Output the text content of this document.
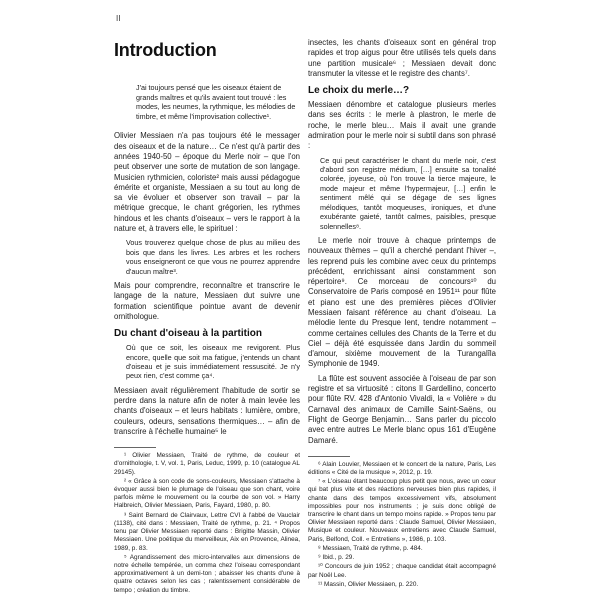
II
Introduction

J'ai toujours pensé que les oiseaux étaient de grands maîtres et qu'ils avaient tout trouvé : les modes, les neumes, la rythmique, les mélodies de timbre, et même l'improvisation collective¹.

Olivier Messiaen n'a pas toujours été le messager des oiseaux et de la nature… Ce n'est qu'à partir des années 1940-50 – époque du Merle noir – que l'on peut observer une sorte de mutation de son langage. Musicien rythmicien, coloriste² mais aussi pédagogue émérite et organiste, Messiaen a su tout au long de sa vie évoluer et observer son travail – par la métrique grecque, le chant grégorien, les rythmes hindous et les chants d'oiseaux – vers le rapport à la nature et, à travers elle, le spirituel :

Vous trouverez quelque chose de plus au milieu des bois que dans les livres. Les arbres et les rochers vous enseigneront ce que vous ne pourrez apprendre d'aucun maître³.

Mais pour comprendre, reconnaître et transcrire le langage de la nature, Messiaen dut suivre une formation scientifique pointue avant de devenir ornithologue.

Du chant d'oiseau à la partition

Où que ce soit, les oiseaux me revigorent. Plus encore, quelle que soit ma fatigue, j'entends un chant d'oiseau et je suis immédiatement ressuscité. Je n'y peux rien, c'est comme ça⁴.

Messiaen avait régulièrement l'habitude de sortir se perdre dans la nature afin de noter à main levée les chants d'oiseaux – et leurs habitats : lumière, ombre, couleurs, odeurs, sensations thermiques… – afin de transcrire à l'échelle humaine⁵ le

¹ Olivier Messiaen, Traité de rythme, de couleur et d'ornithologie, t. V, vol. 1, Paris, Leduc, 1999, p. 10 (catalogue AL 29145).

² « Grâce à son code de sons-couleurs, Messiaen s'attache à évoquer aussi bien le plumage de l'oiseau que son chant, voire parfois même le mouvement ou la courbe de son vol. » Harry Halbreich, Olivier Messiaen, Paris, Fayard, 1980, p. 80.

³ Saint Bernard de Clairvaux, Lettre CVI à l'abbé de Vauclair (1138), cité dans : Messiaen, Traité de rythme, p. 21. ⁴ Propos tenu par Olivier Messiaen reporté dans : Brigitte Massin, Olivier Messiaen. Une poétique du merveilleux, Aix en Provence, Alinea, 1989, p. 83.

⁵ Agrandissement des micro-intervalles aux dimensions de notre échelle tempérée, un comma chez l'oiseau correspondant approximativement à un demi-ton ; abaisser les chants d'une à quatre octaves selon les cas ; ralentissement considérable de tempo ; création du timbre.

insectes, les chants d'oiseaux sont en général trop rapides et trop aigus pour être utilisés tels quels dans une partition musicale⁶ ; Messiaen devait donc transmuter la vitesse et le registre des chants⁷.

Le choix du merle…?

Messiaen dénombre et catalogue plusieurs merles dans ses écrits : le merle à plastron, le merle de roche, le merle bleu… Mais il avait une grande admiration pour le merle noir si subtil dans son phrasé :

Ce qui peut caractériser le chant du merle noir, c'est d'abord son registre médium, […] ensuite sa tonalité colorée, joyeuse, où l'on trouve la tierce majeure, le mode majeur et même l'hypermajeur, […] enfin le sentiment mêlé qui se dégage de ses lignes mélodiques, tantôt moqueuses, ironiques, et d'une exubérante gaieté, tantôt calmes, paisibles, presque solennelles⁸.

Le merle noir trouve à chaque printemps de nouveaux thèmes – qu'il a cherché pendant l'hiver –, les reprend puis les combine avec ceux du printemps précédent, enrichissant ainsi constamment son répertoire⁹. Ce morceau de concours¹⁰ du Conservatoire de Paris composé en 1951¹¹ pour flûte et piano est une des premières pièces d'Olivier Messiaen faisant référence au chant d'oiseau. La mélodie lente du Presque lent, tendre notamment – comme certaines cellules des Chants de la Terre et du Ciel – déjà été esquissée dans Jardin du sommeil d'amour, sixième mouvement de la Turangalîla Symphonie de 1949.

La flûte est souvent associée à l'oiseau de par son registre et sa virtuosité : citons Il Gardellino, concerto pour flûte RV. 428 d'Antonio Vivaldi, la « Volière » du Carnaval des animaux de Camille Saint-Saëns, ou Flight de George Benjamin… Sans parler du piccolo avec entre autres Le Merle blanc opus 161 d'Eugène Damaré.

⁶ Alain Louvier, Messiaen et le concert de la nature, Paris, Les éditions « Cité de la musique », 2012, p. 19.

⁷ « L'oiseau étant beaucoup plus petit que nous, avec un cœur qui bat plus vite et des réactions nerveuses bien plus rapides, il chante dans des tempos excessivement vifs, absolument impossibles pour nos instruments ; je suis donc obligé de transcrire le chant dans un tempo moins rapide. » Propos tenu par Olivier Messiaen reporté dans : Claude Samuel, Olivier Messiaen, Musique et couleur. Nouveaux entretiens avec Claude Samuel, Paris, Belfond, Coll. « Entretiens », 1986, p. 103.

⁸ Messiaen, Traité de rythme, p. 484.

⁹ Ibid., p. 29.

¹⁰ Concours de juin 1952 ; chaque candidat était accompagné par Noël Lee.

¹¹ Massin, Olivier Messiaen, p. 220.
